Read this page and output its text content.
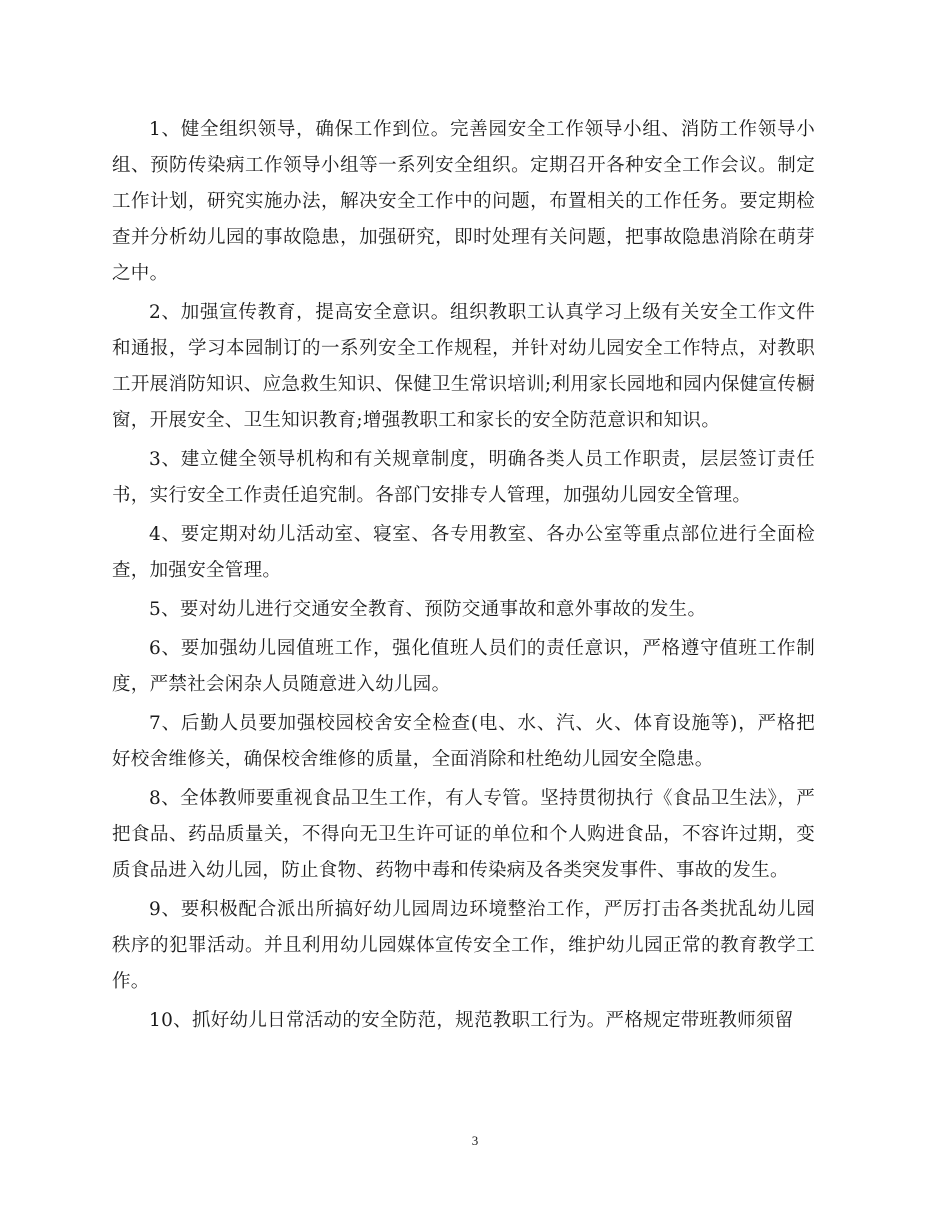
1、健全组织领导，确保工作到位。完善园安全工作领导小组、消防工作领导小组、预防传染病工作领导小组等一系列安全组织。定期召开各种安全工作会议。制定工作计划，研究实施办法，解决安全工作中的问题，布置相关的工作任务。要定期检查并分析幼儿园的事故隐患，加强研究，即时处理有关问题，把事故隐患消除在萌芽之中。

2、加强宣传教育，提高安全意识。组织教职工认真学习上级有关安全工作文件和通报，学习本园制订的一系列安全工作规程，并针对幼儿园安全工作特点，对教职工开展消防知识、应急救生知识、保健卫生常识培训;利用家长园地和园内保健宣传橱窗，开展安全、卫生知识教育;增强教职工和家长的安全防范意识和知识。

3、建立健全领导机构和有关规章制度，明确各类人员工作职责，层层签订责任书，实行安全工作责任追究制。各部门安排专人管理，加强幼儿园安全管理。

4、要定期对幼儿活动室、寝室、各专用教室、各办公室等重点部位进行全面检查，加强安全管理。

5、要对幼儿进行交通安全教育、预防交通事故和意外事故的发生。

6、要加强幼儿园值班工作，强化值班人员们的责任意识，严格遵守值班工作制度，严禁社会闲杂人员随意进入幼儿园。

7、后勤人员要加强校园校舍安全检查(电、水、汽、火、体育设施等)，严格把好校舍维修关，确保校舍维修的质量，全面消除和杜绝幼儿园安全隐患。

8、全体教师要重视食品卫生工作，有人专管。坚持贯彻执行《食品卫生法》，严把食品、药品质量关，不得向无卫生许可证的单位和个人购进食品，不容许过期，变质食品进入幼儿园，防止食物、药物中毒和传染病及各类突发事件、事故的发生。

9、要积极配合派出所搞好幼儿园周边环境整治工作，严厉打击各类扰乱幼儿园秩序的犯罪活动。并且利用幼儿园媒体宣传安全工作，维护幼儿园正常的教育教学工作。

10、抓好幼儿日常活动的安全防范，规范教职工行为。严格规定带班教师须留

3
